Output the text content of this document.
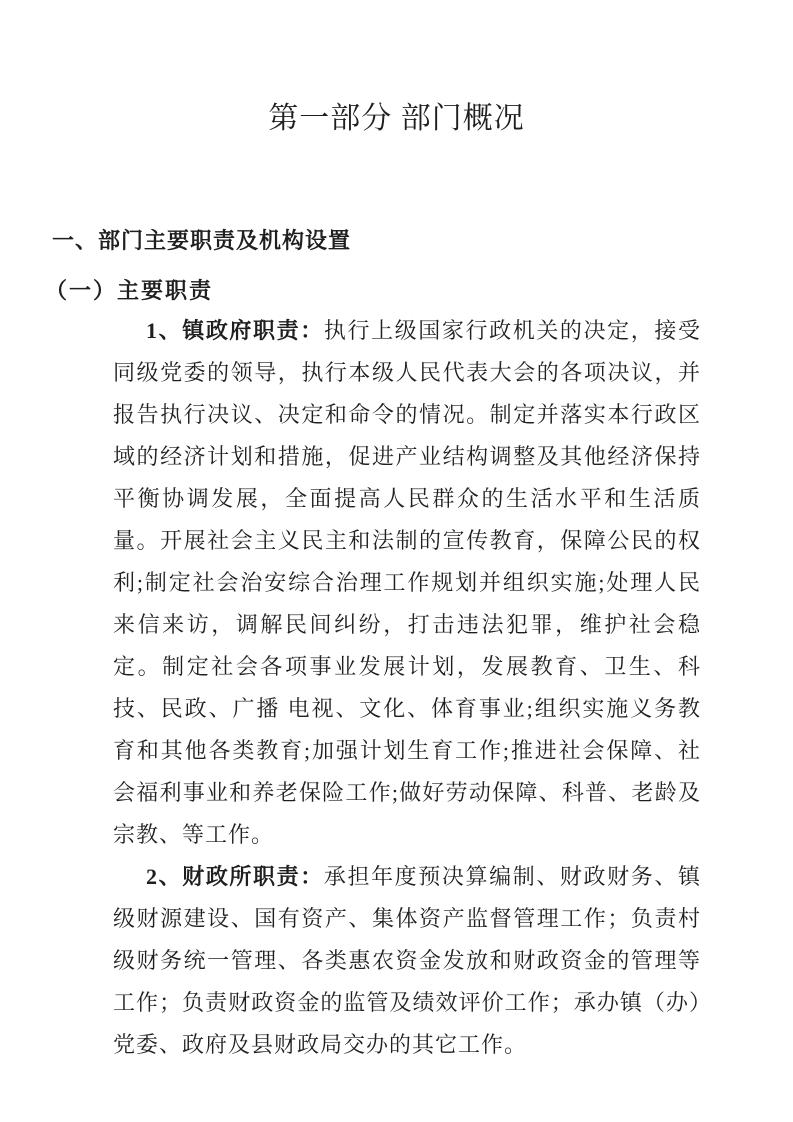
第一部分 部门概况
一、部门主要职责及机构设置
（一）主要职责

1、镇政府职责：执行上级国家行政机关的决定，接受同级党委的领导，执行本级人民代表大会的各项决议，并报告执行决议、决定和命令的情况。制定并落实本行政区域的经济计划和措施，促进产业结构调整及其他经济保持平衡协调发展，全面提高人民群众的生活水平和生活质量。开展社会主义民主和法制的宣传教育，保障公民的权利;制定社会治安综合治理工作规划并组织实施;处理人民来信来访，调解民间纠纷，打击违法犯罪，维护社会稳定。制定社会各项事业发展计划，发展教育、卫生、科技、民政、广播 电视、文化、体育事业;组织实施义务教育和其他各类教育;加强计划生育工作;推进社会保障、社会福利事业和养老保险工作;做好劳动保障、科普、老龄及宗教、等工作。

2、财政所职责：承担年度预决算编制、财政财务、镇级财源建设、国有资产、集体资产监督管理工作；负责村级财务统一管理、各类惠农资金发放和财政资金的管理等工作；负责财政资金的监管及绩效评价工作；承办镇（办）党委、政府及县财政局交办的其它工作。
